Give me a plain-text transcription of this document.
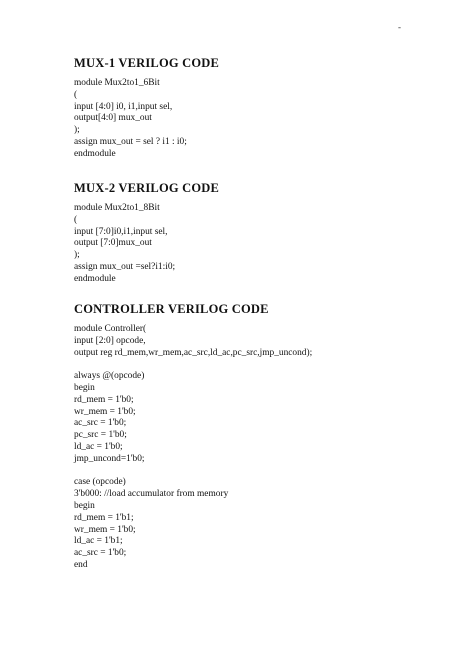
-
MUX-1 VERILOG CODE
module Mux2to1_6Bit
(
input [4:0] i0, i1,input sel,
output[4:0] mux_out
);
assign mux_out = sel ? i1 : i0;
endmodule
MUX-2 VERILOG CODE
module Mux2to1_8Bit
(
input [7:0]i0,i1,input sel,
output [7:0]mux_out
);
assign mux_out =sel?i1:i0;
endmodule
CONTROLLER VERILOG CODE
module Controller(
input [2:0] opcode,
output reg rd_mem,wr_mem,ac_src,ld_ac,pc_src,jmp_uncond);
always @(opcode)
begin
rd_mem = 1'b0;
wr_mem = 1'b0;
ac_src = 1'b0;
pc_src = 1'b0;
ld_ac = 1'b0;
jmp_uncond=1'b0;
case (opcode)
3'b000: //load accumulator from memory
begin
rd_mem = 1'b1;
wr_mem = 1'b0;
ld_ac = 1'b1;
ac_src = 1'b0;
end
